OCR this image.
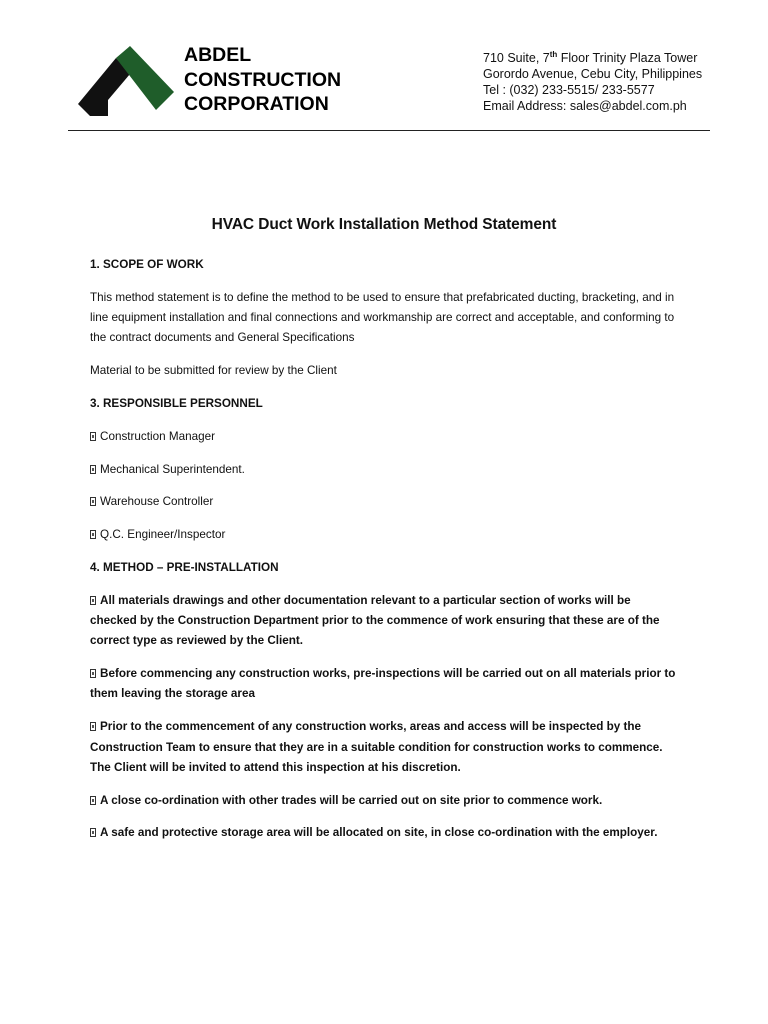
ABDEL
CONSTRUCTION
CORPORATION
710 Suite, 7th Floor Trinity Plaza Tower
Gorordo Avenue, Cebu City, Philippines
Tel : (032) 233-5515/ 233-5577
Email Address: sales@abdel.com.ph
HVAC Duct Work Installation Method Statement

1. SCOPE OF WORK

This method statement is to define the method to be used to ensure that prefabricated ducting, bracketing, and in line equipment installation and final connections and workmanship are correct and acceptable, and conforming to the contract documents and General Specifications

Material to be submitted for review by the Client

3. RESPONSIBLE PERSONNEL

Construction Manager

Mechanical Superintendent.

Warehouse Controller

Q.C. Engineer/Inspector

4. METHOD – PRE-INSTALLATION

All materials drawings and other documentation relevant to a particular section of works will be checked by the Construction Department prior to the commence of work ensuring that these are of the correct type as reviewed by the Client.

Before commencing any construction works, pre-inspections will be carried out on all materials prior to them leaving the storage area

Prior to the commencement of any construction works, areas and access will be inspected by the Construction Team to ensure that they are in a suitable condition for construction works to commence. The Client will be invited to attend this inspection at his discretion.

A close co-ordination with other trades will be carried out on site prior to commence work.

A safe and protective storage area will be allocated on site, in close co-ordination with the employer.
